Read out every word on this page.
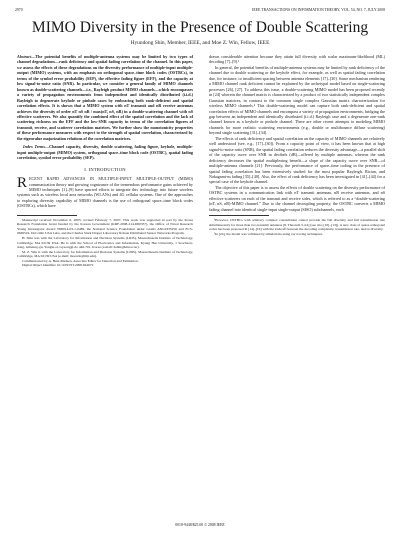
2970	IEEE TRANSACTIONS ON INFORMATION THEORY, VOL. 54, NO. 7, JULY 2008
MIMO Diversity in the Presence of Double Scattering
Hyundong Shin, Member, IEEE, and Moe Z. Win, Fellow, IEEE

Abstract—The potential benefits of multiple-antenna systems may be limited by two types of channel degradations—rank deficiency and spatial fading correlation of the channel. In this paper, we assess the effects of these degradations on the diversity performance of multiple-input multiple-output (MIMO) systems, with an emphasis on orthogonal space–time block codes (OSTBCs), in terms of the symbol error probability (SEP), the effective fading figure (EFF), and the capacity at low signal-to-noise ratio (SNR). In particular, we consider a general family of MIMO channels known as double-scattering channels—i.e., Rayleigh product MIMO channels—which encompasses a variety of propagation environments from independent and identically distributed (i.i.d.) Rayleigh to degenerate keyhole or pinhole cases by embracing both rank-deficient and spatial correlation effects. It is shown that a MIMO system with nT transmit and nR receive antennas achieves the diversity of order nT nS nR / max(nT, nS, nR) in a double-scattering channel with nS effective scatterers. We also quantify the combined effect of the spatial correlation and the lack of scattering richness on the EFF and the low-SNR capacity in terms of the correlation figures of transmit, receive, and scatterer correlation matrices. We further show the monotonicity properties of these performance measures with respect to the strength of spatial correlation, characterized by the eigenvalue majorization relations of the correlation matrices.

Index Terms—Channel capacity, diversity, double scattering, fading figure, keyhole, multiple-input multiple-output (MIMO) system, orthogonal space–time block code (OSTBC), spatial fading correlation, symbol error probability (SEP).

I. INTRODUCTION
R ECENT RAPID ADVANCES IN MULTIPLE-INPUT MULTIPLE-OUTPUT (MIMO) communication theory and growing cognizance of the tremendous performance gains achieved by MIMO techniques [1]–[9] have spurred efforts to integrate this technology into future wireless systems such as wireless local area networks (WLANs) and 4G cellular systems. One of the approaches to exploring diversity capability of MIMO channels is the use of orthogonal space–time block codes (OSTBCs), which have

Manuscript received November 6, 2005; revised February 7, 2007. This work was supported in part by the Korea Research Foundation Grant funded by the Korean Government (KRF-2008-214-D00357), the Office of Naval Research Young Investigator Award N00014-03-1-0489, the National Science Foundation under Grants ANI-0335256 and ECS-0636519, DoCoMo USA Labs, and the Charles Stark Draper Laboratory Robust Distributed Sensor Networks Program.

H. Shin was with the Laboratory for Information and Decision Systems (LIDS), Massachusetts Institute of Technology, Cambridge, MA 02139 USA. He is with the School of Electronics and Information, Kyung Hee University, 1 Seocheon-dong, Giheung-gu, Yongin-si, Gyeonggi-do 446-701, Korea (e-mail: hshin@khu.ac.kr).

M. Z. Win is with the Laboratory for Information and Decision Systems (LIDS), Massachusetts Institute of Technology, Cambridge, MA 02139 USA (e-mail: moewin@mit.edu).

Communicated by A. Høst-Madsen, Associate Editor for Detection and Estimation.

Digital Object Identifier 10.1109/TIT.2008.924672

drawn considerable attention because they attain full diversity with scalar maximum-likelihood (ML) decoding [7]–[9].¹

In general, the potential benefits of multiple-antenna systems may be limited by rank deficiency of the channel due to double scattering or the keyhole effect, for example, as well as spatial fading correlation due, for instance, to insufficient spacing between antenna elements [17]–[30]. Some mechanism rendering a MIMO channel rank deficient cannot be explained by the archetypal model based on single-scattering processes [26], [27]. To address this issue, a double-scattering MIMO model has been proposed recently in [24] wherein the channel matrix is characterized by a product of two statistically independent complex Gaussian matrices, in contrast to the common single complex Gaussian matrix characterization for wireless MIMO channels.² This double-scattering model can capture both rank-deficient and spatial correlation effects of MIMO channels and encompass a variety of propagation environments, bridging the gap between an independent and identically distributed (i.i.d.) Rayleigh case and a degenerate one-rank channel known as a keyhole or pinhole channel. There are other recent attempts to modeling MIMO channels for more realistic scattering environments (e.g., double or multibounce diffuse scattering) beyond single scattering [31]–[34].

The effects of rank deficiency and spatial correlation on the capacity of MIMO channels are relatively well understood (see, e.g., [17]–[30]). From a capacity point of view, it has been known that at high signal-to-noise ratio (SNR), the spatial fading correlation reduces the diversity advantage—a parallel shift of the capacity curve over SNR in decibels (dB)—offered by multiple antennas, whereas the rank deficiency decreases the spatial multiplexing benefit—a slope of the capacity curve over SNR—of multiple-antenna channels [21]. Previously, the performance of space–time coding in the presence of spatial fading correlation has been extensively studied for the most popular Rayleigh, Rician, and Nakagami-m fading [35]–[40]. Also, the effect of rank deficiency has been investigated in [41]–[44] for a special case of the keyhole channel.

The objective of this paper is to assess the effects of double scattering on the diversity performance of OSTBC systems in a communication link with nT transmit antennas, nR receive antennas, and nS effective scatterers on each of the transmit and receive sides, which is referred to as a “double-scattering (nT, nS, nR)-MIMO channel.” Due to the channel decoupling property, the OSTBC converts a MIMO fading channel into identical single-input single-output (SISO) subchannels, each

¹However, OSTBCs with arbitrary complex constellation cannot provide the full diversity and full transmission rate simultaneously for more than two transmit antennas [8, Theorem 5.4.2] (see also [10]–[13]). A new class of quasi-orthogonal codes has been proposed in [14]–[16] with the tradeoff between the decoding complexity, transmission rate, and/or diversity.

²In [24], the model was validated by simulations using ray tracing techniques.

0018-9448/$25.00 © 2008 IEEE
